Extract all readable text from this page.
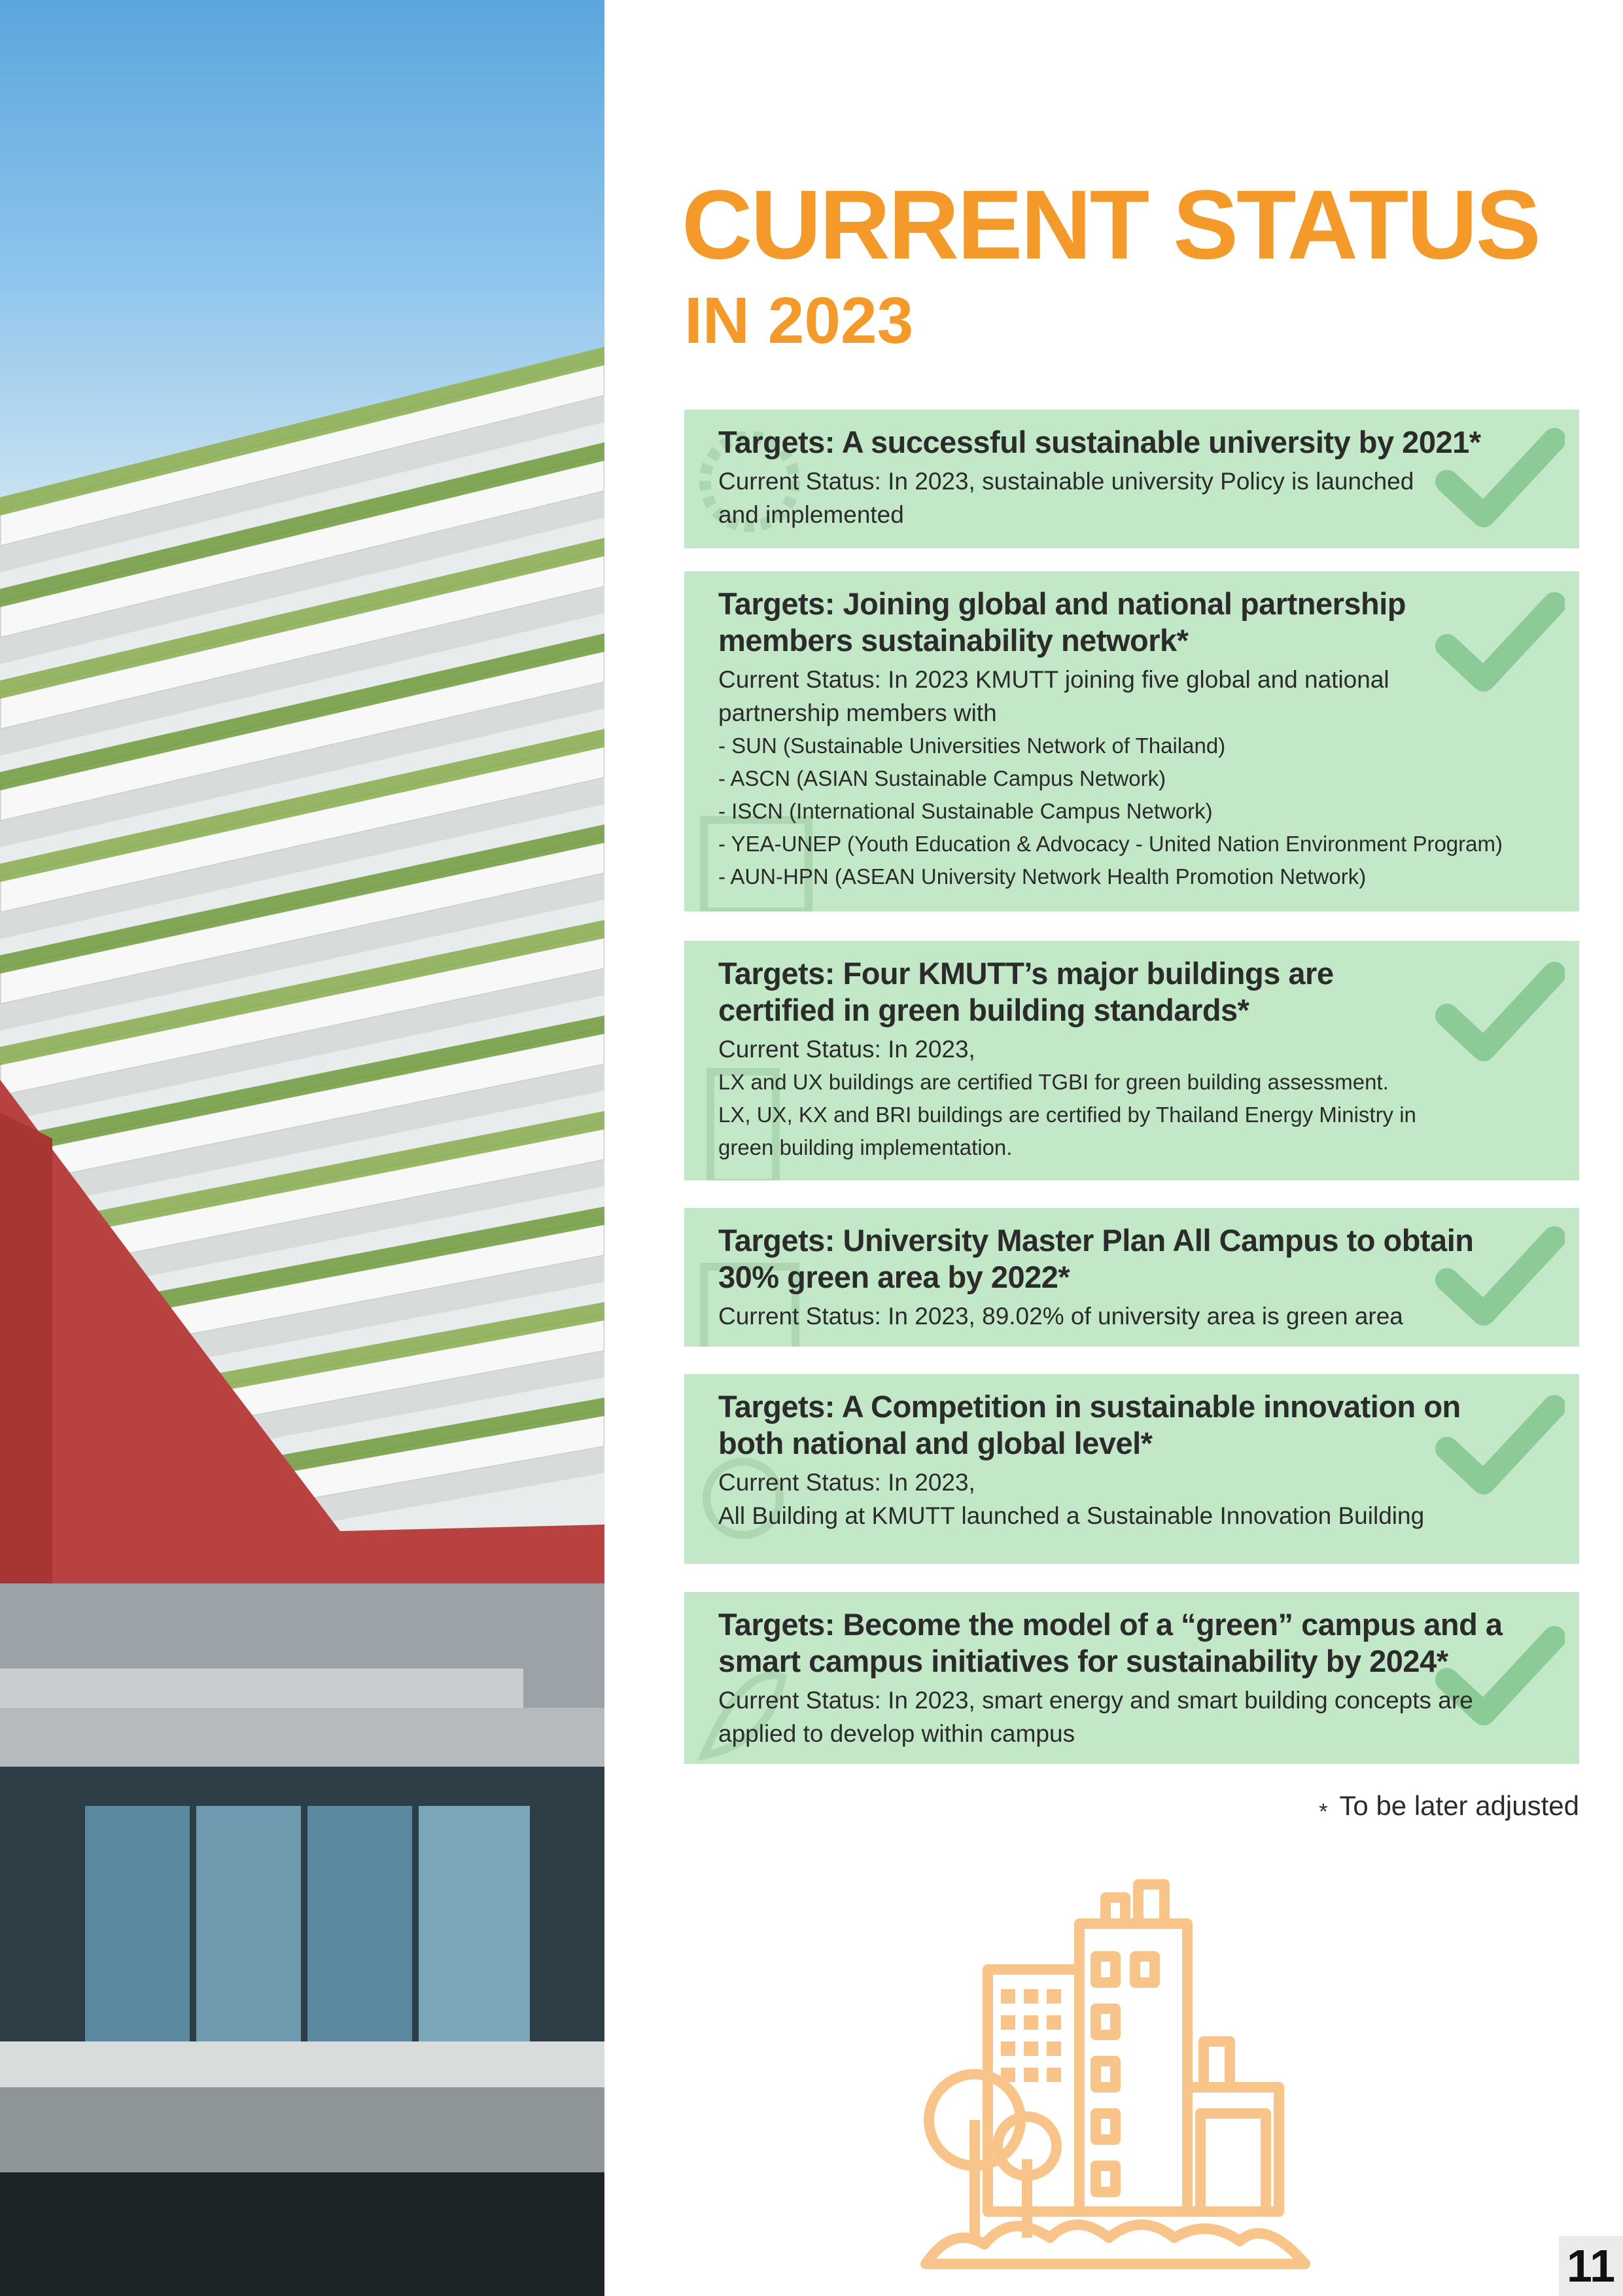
CURRENT STATUS
IN 2023
Targets: A successful sustainable university by 2021*

Current Status: In 2023, sustainable university Policy is launched and implemented

Targets: Joining global and national partnership members sustainability network*

Current Status: In 2023 KMUTT joining five global and national partnership members with

- SUN (Sustainable Universities Network of Thailand)
- ASCN (ASIAN Sustainable Campus Network)
- ISCN (International Sustainable Campus Network)
- YEA-UNEP (Youth Education & Advocacy - United Nation Environment Program)
- AUN-HPN (ASEAN University Network Health Promotion Network)
Targets: Four KMUTT’s major buildings are certified in green building standards*

Current Status: In 2023,

LX and UX buildings are certified TGBI for green building assessment.

LX, UX, KX and BRI buildings are certified by Thailand Energy Ministry in green building implementation.

Targets: University Master Plan All Campus to obtain 30% green area by 2022*

Current Status: In 2023, 89.02% of university area is green area

Targets: A Competition in sustainable innovation on both national and global level*

Current Status: In 2023,

All Building at KMUTT launched a Sustainable Innovation Building

Targets: Become the model of a “green” campus and a smart campus initiatives for sustainability by 2024*

Current Status: In 2023, smart energy and smart building concepts are applied to develop within campus

* To be later adjusted

11
